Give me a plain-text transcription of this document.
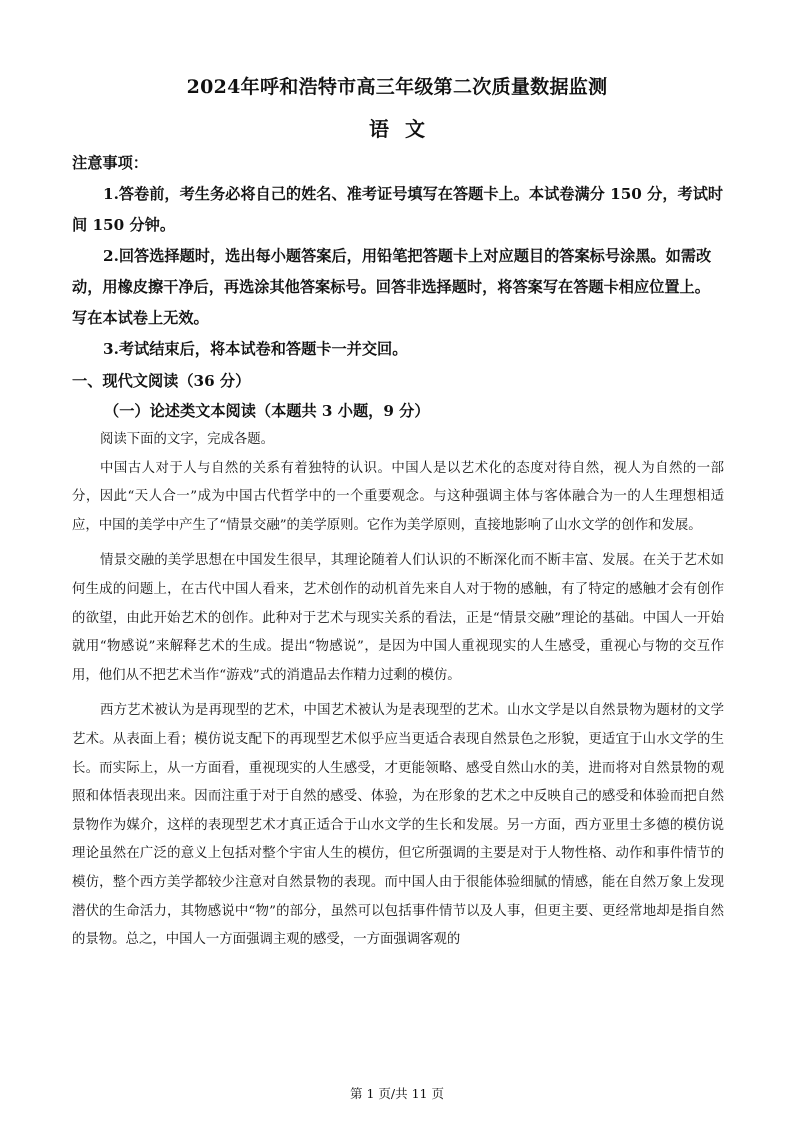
2024年呼和浩特市高三年级第二次质量数据监测
语文

注意事项：

1.答卷前，考生务必将自己的姓名、准考证号填写在答题卡上。本试卷满分 150 分，考试时间 150 分钟。

2.回答选择题时，选出每小题答案后，用铅笔把答题卡上对应题目的答案标号涂黑。如需改动，用橡皮擦干净后，再选涂其他答案标号。回答非选择题时，将答案写在答题卡相应位置上。写在本试卷上无效。

3.考试结束后，将本试卷和答题卡一并交回。

一、现代文阅读（36 分）
（一）论述类文本阅读（本题共 3 小题，9 分）

阅读下面的文字，完成各题。

中国古人对于人与自然的关系有着独特的认识。中国人是以艺术化的态度对待自然，视人为自然的一部分，因此“天人合一”成为中国古代哲学中的一个重要观念。与这种强调主体与客体融合为一的人生理想相适应，中国的美学中产生了“情景交融”的美学原则。它作为美学原则，直接地影响了山水文学的创作和发展。

情景交融的美学思想在中国发生很早，其理论随着人们认识的不断深化而不断丰富、发展。在关于艺术如何生成的问题上，在古代中国人看来，艺术创作的动机首先来自人对于物的感触，有了特定的感触才会有创作的欲望，由此开始艺术的创作。此种对于艺术与现实关系的看法，正是“情景交融”理论的基础。中国人一开始就用“物感说”来解释艺术的生成。提出“物感说”，是因为中国人重视现实的人生感受，重视心与物的交互作用，他们从不把艺术当作“游戏”式的消遣品去作精力过剩的模仿。

西方艺术被认为是再现型的艺术，中国艺术被认为是表现型的艺术。山水文学是以自然景物为题材的文学艺术。从表面上看；模仿说支配下的再现型艺术似乎应当更适合表现自然景色之形貌，更适宜于山水文学的生长。而实际上，从一方面看，重视现实的人生感受，才更能领略、感受自然山水的美，进而将对自然景物的观照和体悟表现出来。因而注重于对于自然的感受、体验，为在形象的艺术之中反映自己的感受和体验而把自然景物作为媒介，这样的表现型艺术才真正适合于山水文学的生长和发展。另一方面，西方亚里士多德的模仿说理论虽然在广泛的意义上包括对整个宇宙人生的模仿，但它所强调的主要是对于人物性格、动作和事件情节的模仿，整个西方美学都较少注意对自然景物的表现。而中国人由于很能体验细腻的情感，能在自然万象上发现潜伏的生命活力，其物感说中“物”的部分，虽然可以包括事件情节以及人事，但更主要、更经常地却是指自然的景物。总之，中国人一方面强调主观的感受，一方面强调客观的

第 1 页/共 11 页
